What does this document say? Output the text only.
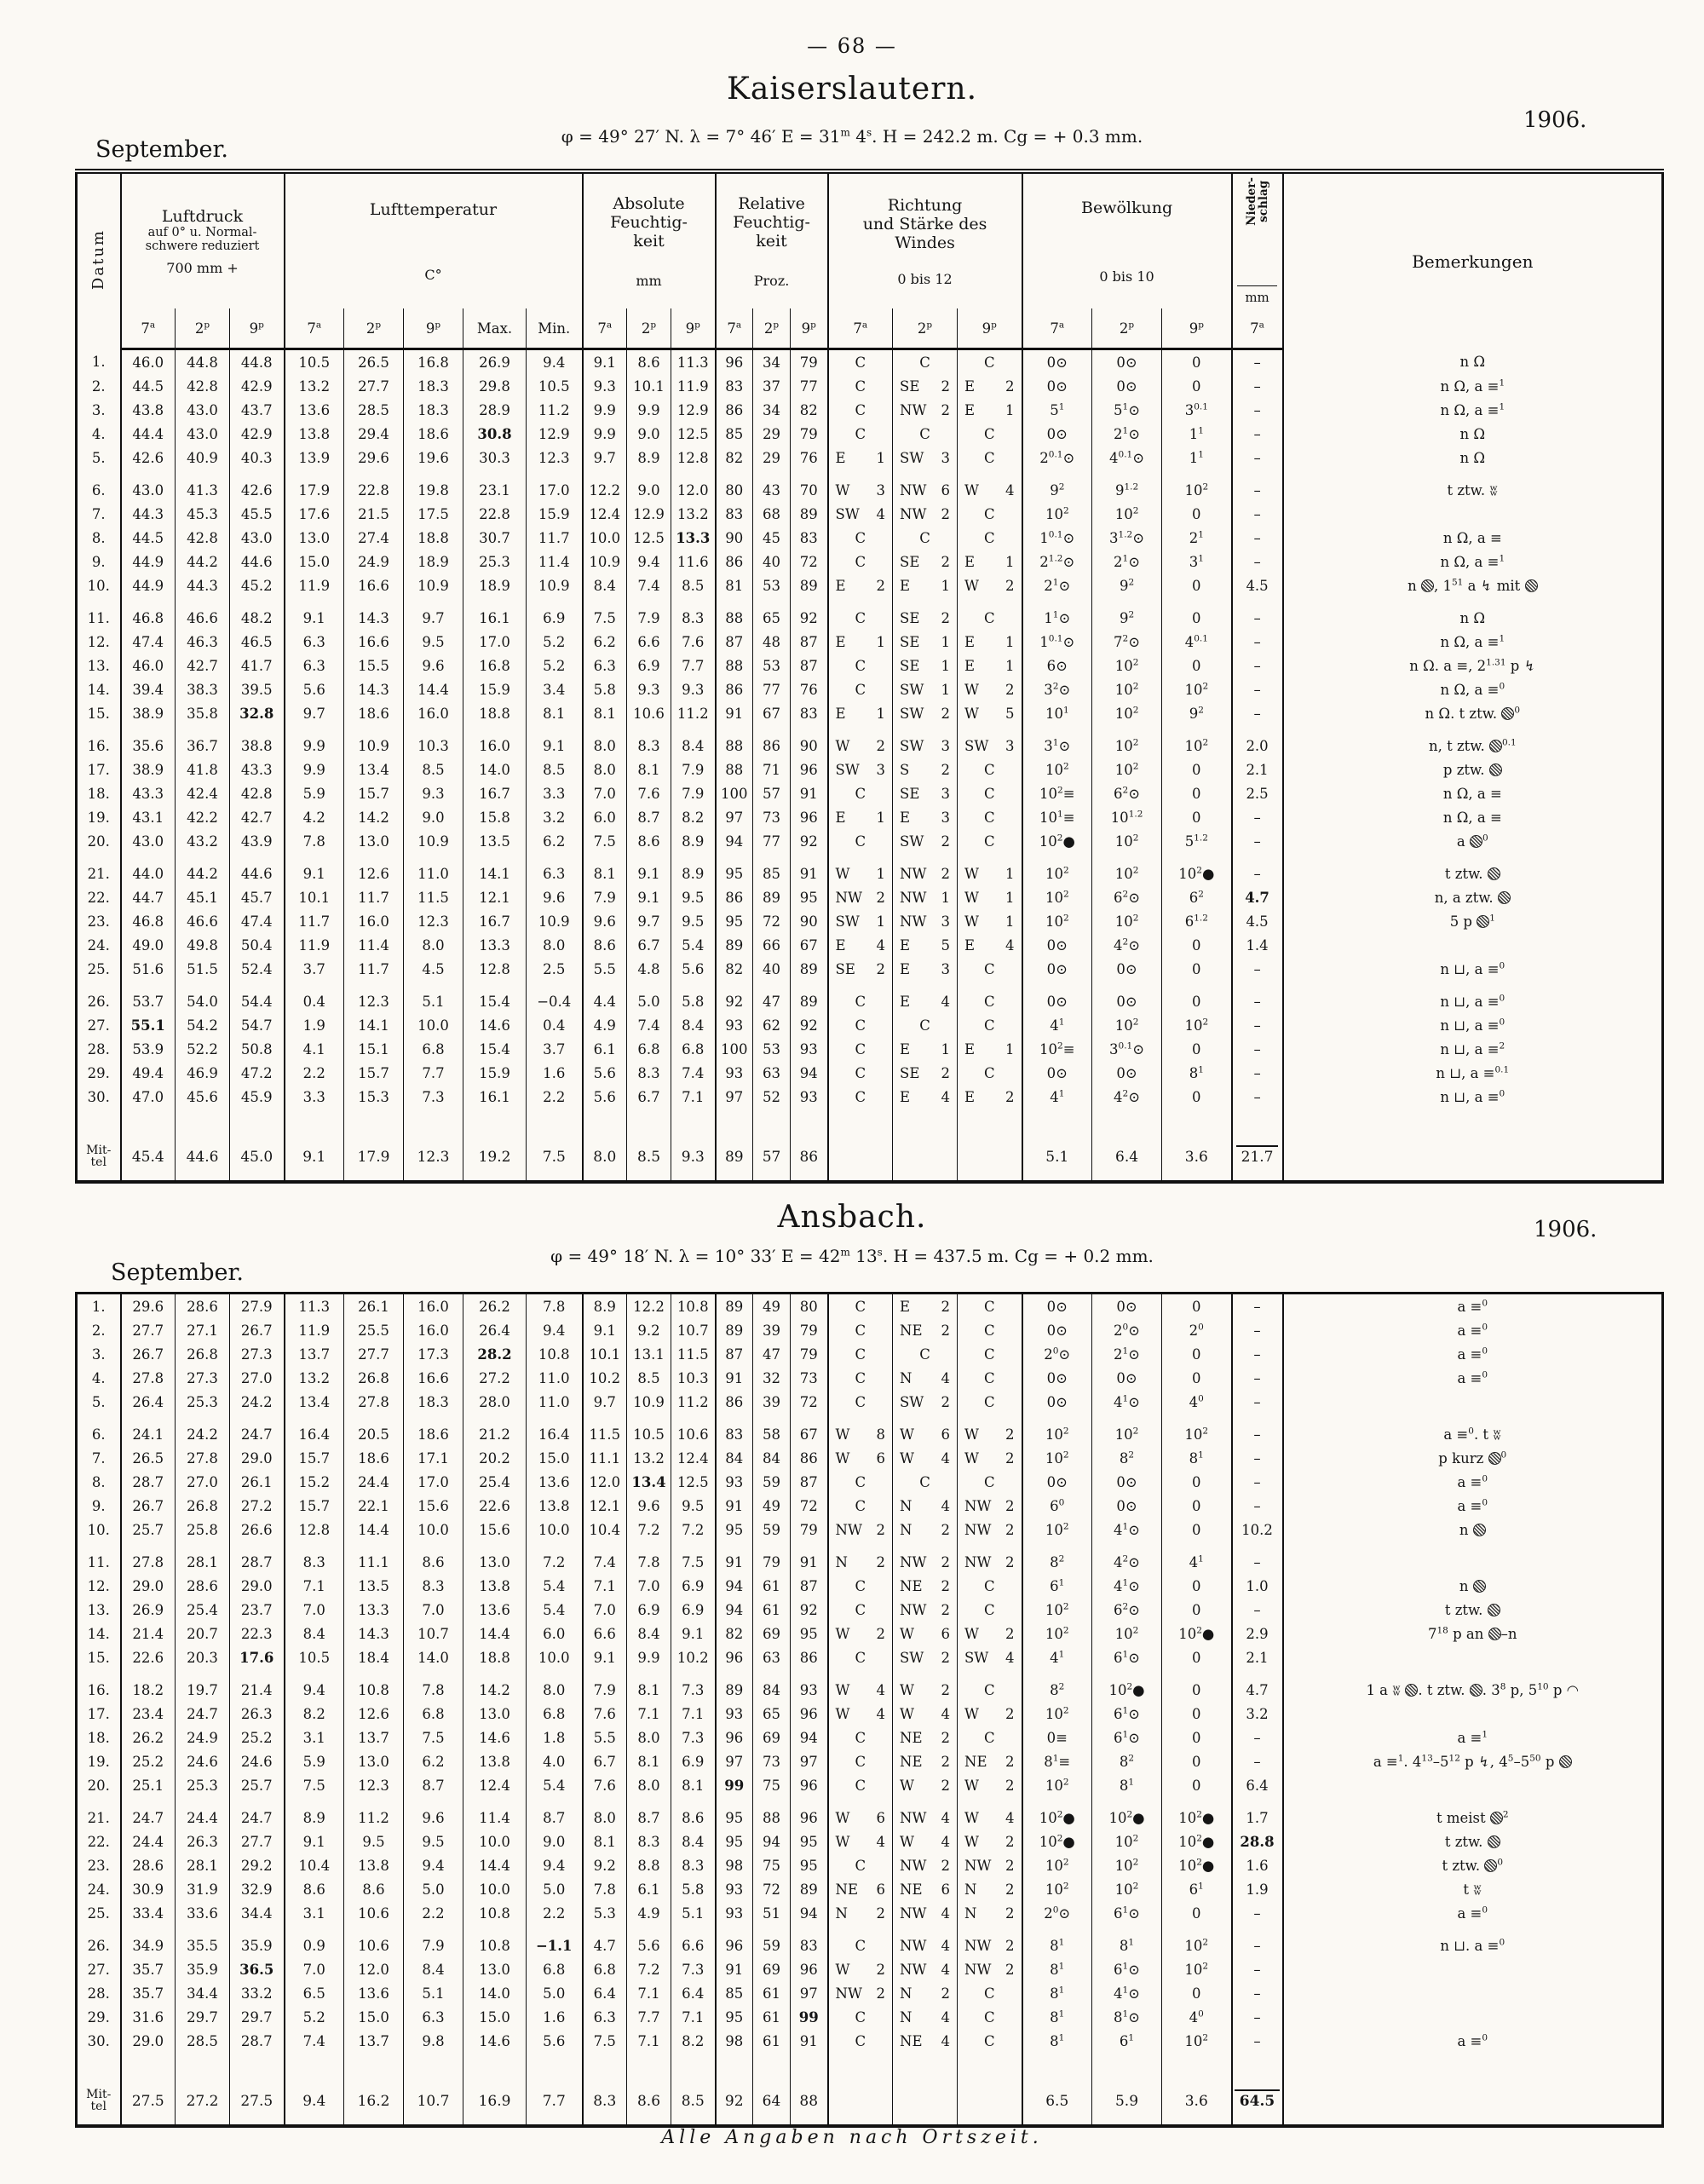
— 68 —
Kaiserslautern.
φ = 49° 27′ N. λ = 7° 46′ $E = 31^m$ 4$^s$. H = 242.2 m. Cg = + 0.3 mm.
September.
1906.
Datum	
Luftdruck
auf 0° u. Normal-
schwere reduziert
700 mm +

Lufttemperatur
C°

Absolute
Feuchtig-
keit
mm

Relative
Feuchtig-
keit
Proz.

Richtung
und Stärke des
Windes
0 bis 12

Bewölkung
0 bis 10

Nieder-
schlag
mm
	Bemerkungen
	7$^a$	2$^p$	9$^p$	7$^a$	2$^p$	9$^p$	Max.	Min.	7$^a$	2$^p$	9$^p$	7$^a$	2$^p$	9$^p$	7$^a$	2$^p$	9$^p$	7$^a$	2$^p$	9$^p$	7$^a$
1.	46.0	44.8	44.8	10.5	26.5	16.8	26.9	9.4	9.1	8.6	11.3	96	34	79	C	C	C	0⊙	0⊙	0	–	n Ω
2.	44.5	42.8	42.9	13.2	27.7	18.3	29.8	10.5	9.3	10.1	11.9	83	37	77	C	SE 2	E 2	0⊙	0⊙	0	–	n Ω, a ≡$^1$
3.	43.8	43.0	43.7	13.6	28.5	18.3	28.9	11.2	9.9	9.9	12.9	86	34	82	C	NW 2	E 1	$5^1$	$5^1⊙$	$3^{0.1}$	–	n Ω, a ≡$^1$
4.	44.4	43.0	42.9	13.8	29.4	18.6	30.8	12.9	9.9	9.0	12.5	85	29	79	C	C	C	0⊙	$2^1⊙$	$1^1$	–	n Ω
5.	42.6	40.9	40.3	13.9	29.6	19.6	30.3	12.3	9.7	8.9	12.8	82	29	76	E 1	SW 3	C	$2^{0.1}⊙$	$4^{0.1}⊙$	$1^1$	–	n Ω

6.	43.0	41.3	42.6	17.9	22.8	19.8	23.1	17.0	12.2	9.0	12.0	80	43	70	W 3	NW 6	W 4	$9^2$	$9^{1.2}$	$10^2$	–	t ztw. ʬ
7.	44.3	45.3	45.5	17.6	21.5	17.5	22.8	15.9	12.4	12.9	13.2	83	68	89	SW 4	NW 2	C	$10^2$	$10^2$	0	–	
8.	44.5	42.8	43.0	13.0	27.4	18.8	30.7	11.7	10.0	12.5	13.3	90	45	83	C	C	C	$1^{0.1}⊙$	$3^{1.2}⊙$	$2^1$	–	n Ω, a ≡
9.	44.9	44.2	44.6	15.0	24.9	18.9	25.3	11.4	10.9	9.4	11.6	86	40	72	C	SE 2	E 1	$2^{1.2}⊙$	$2^1⊙$	$3^1$	–	n Ω, a ≡$^1$
10.	44.9	44.3	45.2	11.9	16.6	10.9	18.9	10.9	8.4	7.4	8.5	81	53	89	E 2	E 1	W 2	$2^1⊙$	$9^2$	0	4.5	n , $1^{51}$ a ↯ mit

11.	46.8	46.6	48.2	9.1	14.3	9.7	16.1	6.9	7.5	7.9	8.3	88	65	92	C	SE 2	C	$1^1⊙$	$9^2$	0	–	n Ω
12.	47.4	46.3	46.5	6.3	16.6	9.5	17.0	5.2	6.2	6.6	7.6	87	48	87	E 1	SE 1	E 1	$1^{0.1}⊙$	$7^2⊙$	$4^{0.1}$	–	n Ω, a ≡$^1$
13.	46.0	42.7	41.7	6.3	15.5	9.6	16.8	5.2	6.3	6.9	7.7	88	53	87	C	SE 1	E 1	6⊙	$10^2$	0	–	n Ω. a ≡, $2^{1.31}$ p ↯
14.	39.4	38.3	39.5	5.6	14.3	14.4	15.9	3.4	5.8	9.3	9.3	86	77	76	C	SW 1	W 2	$3^2⊙$	$10^2$	$10^2$	–	n Ω, a ≡$^0$
15.	38.9	35.8	32.8	9.7	18.6	16.0	18.8	8.1	8.1	10.6	11.2	91	67	83	E 1	SW 2	W 5	$10^1$	$10^2$	$9^2$	–	n Ω. t ztw. $^0$

16.	35.6	36.7	38.8	9.9	10.9	10.3	16.0	9.1	8.0	8.3	8.4	88	86	90	W 2	SW 3	SW 3	$3^1⊙$	$10^2$	$10^2$	2.0	n, t ztw. $^{0.1}$
17.	38.9	41.8	43.3	9.9	13.4	8.5	14.0	8.5	8.0	8.1	7.9	88	71	96	SW 3	S 2	C	$10^2$	$10^2$	0	2.1	p ztw.
18.	43.3	42.4	42.8	5.9	15.7	9.3	16.7	3.3	7.0	7.6	7.9	100	57	91	C	SE 3	C	$10^2\equiv$	$6^2⊙$	0	2.5	n Ω, a ≡
19.	43.1	42.2	42.7	4.2	14.2	9.0	15.8	3.2	6.0	8.7	8.2	97	73	96	E 1	E 3	C	$10^1\equiv$	$10^{1.2}$	0	–	n Ω, a ≡
20.	43.0	43.2	43.9	7.8	13.0	10.9	13.5	6.2	7.5	8.6	8.9	94	77	92	C	SW 2	C	$10^2●$	$10^2$	$5^{1.2}$	–	a $^0$

21.	44.0	44.2	44.6	9.1	12.6	11.0	14.1	6.3	8.1	9.1	8.9	95	85	91	W 1	NW 2	W 1	$10^2$	$10^2$	$10^2●$	–	t ztw.
22.	44.7	45.1	45.7	10.1	11.7	11.5	12.1	9.6	7.9	9.1	9.5	86	89	95	NW 2	NW 1	W 1	$10^2$	$6^2⊙$	$6^2$	4.7	n, a ztw.
23.	46.8	46.6	47.4	11.7	16.0	12.3	16.7	10.9	9.6	9.7	9.5	95	72	90	SW 1	NW 3	W 1	$10^2$	$10^2$	$6^{1.2}$	4.5	5 p $^1$
24.	49.0	49.8	50.4	11.9	11.4	8.0	13.3	8.0	8.6	6.7	5.4	89	66	67	E 4	E 5	E 4	0⊙	$4^2⊙$	0	1.4	
25.	51.6	51.5	52.4	3.7	11.7	4.5	12.8	2.5	5.5	4.8	5.6	82	40	89	SE 2	E 3	C	0⊙	0⊙	0	–	n ⊔, a ≡$^0$

26.	53.7	54.0	54.4	0.4	12.3	5.1	15.4	−0.4	4.4	5.0	5.8	92	47	89	C	E 4	C	0⊙	0⊙	0	–	n ⊔, a ≡$^0$
27.	55.1	54.2	54.7	1.9	14.1	10.0	14.6	0.4	4.9	7.4	8.4	93	62	92	C	C	C	$4^1$	$10^2$	$10^2$	–	n ⊔, a ≡$^0$
28.	53.9	52.2	50.8	4.1	15.1	6.8	15.4	3.7	6.1	6.8	6.8	100	53	93	C	E 1	E 1	$10^2\equiv$	$3^{0.1}⊙$	0	–	n ⊔, a ≡$^2$
29.	49.4	46.9	47.2	2.2	15.7	7.7	15.9	1.6	5.6	8.3	7.4	93	63	94	C	SE 2	C	0⊙	0⊙	$8^1$	–	n ⊔, a ≡$^{0.1}$
30.	47.0	45.6	45.9	3.3	15.3	7.3	16.1	2.2	5.6	6.7	7.1	97	52	93	C	E 4	E 2	$4^1$	$4^2⊙$	0	–	n ⊔, a ≡$^0$

Mit-
tel	45.4	44.6	45.0	9.1	17.9	12.3	19.2	7.5	8.0	8.5	9.3	89	57	86				5.1	6.4	3.6	21.7	
Ansbach.
φ = 49° 18′ N. λ = 10° 33′ $E = 42^m$ 13$^s$. H = 437.5 m. Cg = + 0.2 mm.
September.
1906.
1.	29.6	28.6	27.9	11.3	26.1	16.0	26.2	7.8	8.9	12.2	10.8	89	49	80	C	E 2	C	0⊙	0⊙	0	–	a ≡$^0$
2.	27.7	27.1	26.7	11.9	25.5	16.0	26.4	9.4	9.1	9.2	10.7	89	39	79	C	NE 2	C	0⊙	$2^0⊙$	$2^0$	–	a ≡$^0$
3.	26.7	26.8	27.3	13.7	27.7	17.3	28.2	10.8	10.1	13.1	11.5	87	47	79	C	C	C	$2^0⊙$	$2^1⊙$	0	–	a ≡$^0$
4.	27.8	27.3	27.0	13.2	26.8	16.6	27.2	11.0	10.2	8.5	10.3	91	32	73	C	N 4	C	0⊙	0⊙	0	–	a ≡$^0$
5.	26.4	25.3	24.2	13.4	27.8	18.3	28.0	11.0	9.7	10.9	11.2	86	39	72	C	SW 2	C	0⊙	$4^1⊙$	$4^0$	–	

6.	24.1	24.2	24.7	16.4	20.5	18.6	21.2	16.4	11.5	10.5	10.6	83	58	67	W 8	W 6	W 2	$10^2$	$10^2$	$10^2$	–	a ≡$^0$. t ʬ
7.	26.5	27.8	29.0	15.7	18.6	17.1	20.2	15.0	11.1	13.2	12.4	84	84	86	W 6	W 4	W 2	$10^2$	$8^2$	$8^1$	–	p kurz $^0$
8.	28.7	27.0	26.1	15.2	24.4	17.0	25.4	13.6	12.0	13.4	12.5	93	59	87	C	C	C	0⊙	0⊙	0	–	a ≡$^0$
9.	26.7	26.8	27.2	15.7	22.1	15.6	22.6	13.8	12.1	9.6	9.5	91	49	72	C	N 4	NW 2	$6^0$	0⊙	0	–	a ≡$^0$
10.	25.7	25.8	26.6	12.8	14.4	10.0	15.6	10.0	10.4	7.2	7.2	95	59	79	NW 2	N 2	NW 2	$10^2$	$4^1⊙$	0	10.2	n

11.	27.8	28.1	28.7	8.3	11.1	8.6	13.0	7.2	7.4	7.8	7.5	91	79	91	N 2	NW 2	NW 2	$8^2$	$4^2⊙$	$4^1$	–	
12.	29.0	28.6	29.0	7.1	13.5	8.3	13.8	5.4	7.1	7.0	6.9	94	61	87	C	NE 2	C	$6^1$	$4^1⊙$	0	1.0	n
13.	26.9	25.4	23.7	7.0	13.3	7.0	13.6	5.4	7.0	6.9	6.9	94	61	92	C	NW 2	C	$10^2$	$6^2⊙$	0	–	t ztw.
14.	21.4	20.7	22.3	8.4	14.3	10.7	14.4	6.0	6.6	8.4	9.1	82	69	95	W 2	W 6	W 2	$10^2$	$10^2$	$10^2●$	2.9	$7^{18}$ p an –n
15.	22.6	20.3	17.6	10.5	18.4	14.0	18.8	10.0	9.1	9.9	10.2	96	63	86	C	SW 2	SW 4	$4^1$	$6^1⊙$	0	2.1	

16.	18.2	19.7	21.4	9.4	10.8	7.8	14.2	8.0	7.9	8.1	7.3	89	84	93	W 4	W 2	C	$8^2$	$10^2●$	0	4.7	1 a ʬ . t ztw. . $3^8$ p, $5^{10}$ p ◠
17.	23.4	24.7	26.3	8.2	12.6	6.8	13.0	6.8	7.6	7.1	7.1	93	65	96	W 4	W 4	W 2	$10^2$	$6^1⊙$	0	3.2	
18.	26.2	24.9	25.2	3.1	13.7	7.5	14.6	1.8	5.5	8.0	7.3	96	69	94	C	NE 2	C	0≡	$6^1⊙$	0	–	a ≡$^1$
19.	25.2	24.6	24.6	5.9	13.0	6.2	13.8	4.0	6.7	8.1	6.9	97	73	97	C	NE 2	NE 2	$8^1\equiv$	$8^2$	0	–	a ≡$^1$. $4^{13}-5^{12}$ p ↯, $4^5-5^{50}$ p
20.	25.1	25.3	25.7	7.5	12.3	8.7	12.4	5.4	7.6	8.0	8.1	99	75	96	C	W 2	W 2	$10^2$	$8^1$	0	6.4	

21.	24.7	24.4	24.7	8.9	11.2	9.6	11.4	8.7	8.0	8.7	8.6	95	88	96	W 6	NW 4	W 4	$10^2●$	$10^2●$	$10^2●$	1.7	t meist $^2$
22.	24.4	26.3	27.7	9.1	9.5	9.5	10.0	9.0	8.1	8.3	8.4	95	94	95	W 4	W 4	W 2	$10^2●$	$10^2$	$10^2●$	28.8	t ztw.
23.	28.6	28.1	29.2	10.4	13.8	9.4	14.4	9.4	9.2	8.8	8.3	98	75	95	C	NW 2	NW 2	$10^2$	$10^2$	$10^2●$	1.6	t ztw. $^0$
24.	30.9	31.9	32.9	8.6	8.6	5.0	10.0	5.0	7.8	6.1	5.8	93	72	89	NE 6	NE 6	N 2	$10^2$	$10^2$	$6^1$	1.9	t ʬ
25.	33.4	33.6	34.4	3.1	10.6	2.2	10.8	2.2	5.3	4.9	5.1	93	51	94	N 2	NW 4	N 2	$2^0⊙$	$6^1⊙$	0	–	a ≡$^0$

26.	34.9	35.5	35.9	0.9	10.6	7.9	10.8	−1.1	4.7	5.6	6.6	96	59	83	C	NW 4	NW 2	$8^1$	$8^1$	$10^2$	–	n ⊔. a ≡$^0$
27.	35.7	35.9	36.5	7.0	12.0	8.4	13.0	6.8	6.8	7.2	7.3	91	69	96	W 2	NW 4	NW 2	$8^1$	$6^1⊙$	$10^2$	–	
28.	35.7	34.4	33.2	6.5	13.6	5.1	14.0	5.0	6.4	7.1	6.4	85	61	97	NW 2	N 2	C	$8^1$	$4^1⊙$	0	–	
29.	31.6	29.7	29.7	5.2	15.0	6.3	15.0	1.6	6.3	7.7	7.1	95	61	99	C	N 4	C	$8^1$	$8^1⊙$	$4^0$	–	
30.	29.0	28.5	28.7	7.4	13.7	9.8	14.6	5.6	7.5	7.1	8.2	98	61	91	C	NE 4	C	$8^1$	$6^1$	$10^2$	–	a ≡$^0$

Mit-
tel	27.5	27.2	27.5	9.4	16.2	10.7	16.9	7.7	8.3	8.6	8.5	92	64	88				6.5	5.9	3.6	64.5	
Alle Angaben nach Ortszeit.
